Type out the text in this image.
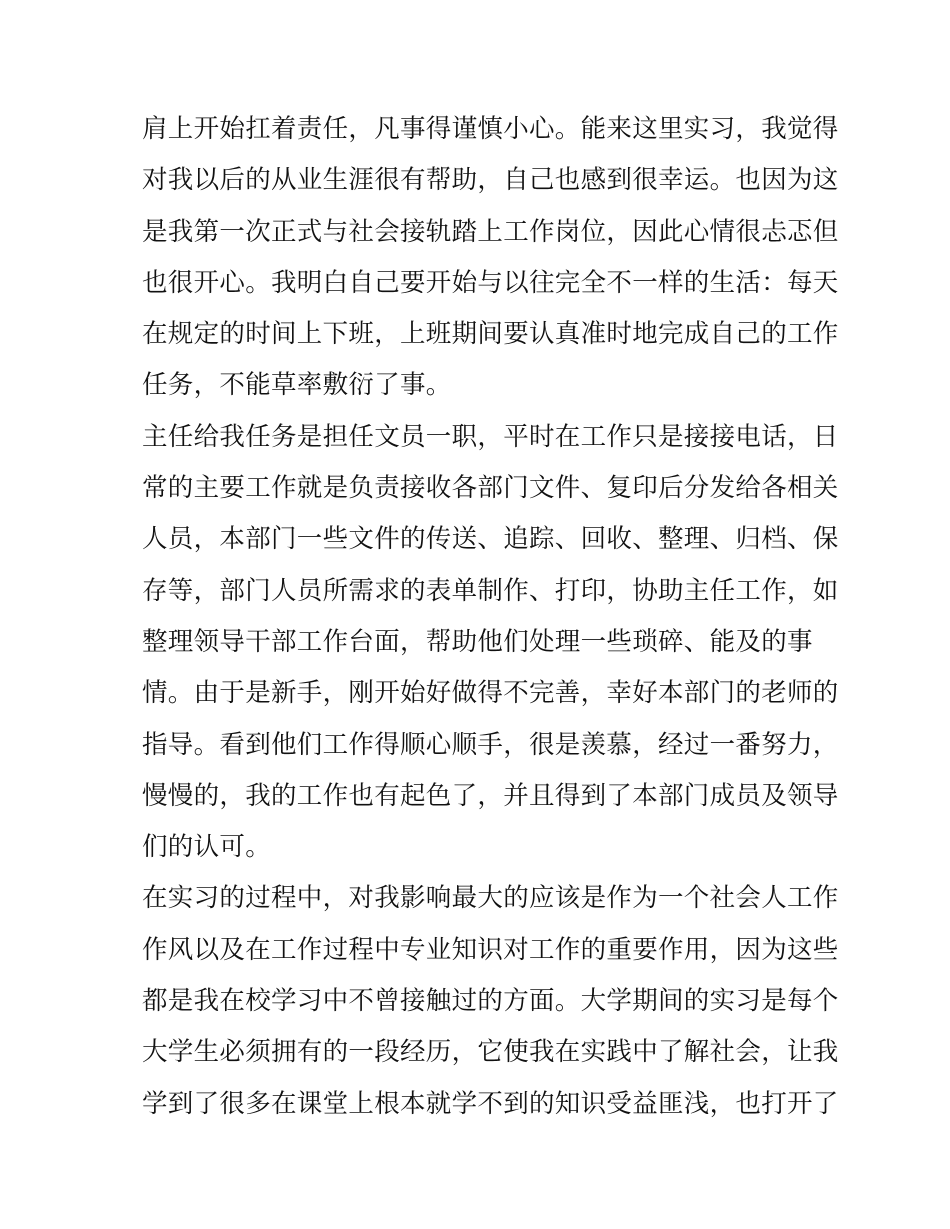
肩上开始扛着责任，凡事得谨慎小心。能来这里实习，我觉得
对我以后的从业生涯很有帮助，自己也感到很幸运。也因为这
是我第一次正式与社会接轨踏上工作岗位，因此心情很忐忑但
也很开心。我明白自己要开始与以往完全不一样的生活：每天
在规定的时间上下班，上班期间要认真准时地完成自己的工作
任务，不能草率敷衍了事。
主任给我任务是担任文员一职，平时在工作只是接接电话，日
常的主要工作就是负责接收各部门文件、复印后分发给各相关
人员，本部门一些文件的传送、追踪、回收、整理、归档、保
存等，部门人员所需求的表单制作、打印，协助主任工作，如
整理领导干部工作台面，帮助他们处理一些琐碎、能及的事
情。由于是新手，刚开始好做得不完善，幸好本部门的老师的
指导。看到他们工作得顺心顺手，很是羡慕，经过一番努力，
慢慢的，我的工作也有起色了，并且得到了本部门成员及领导
们的认可。
在实习的过程中，对我影响最大的应该是作为一个社会人工作
作风以及在工作过程中专业知识对工作的重要作用，因为这些
都是我在校学习中不曾接触过的方面。大学期间的实习是每个
大学生必须拥有的一段经历，它使我在实践中了解社会，让我
学到了很多在课堂上根本就学不到的知识受益匪浅，也打开了
